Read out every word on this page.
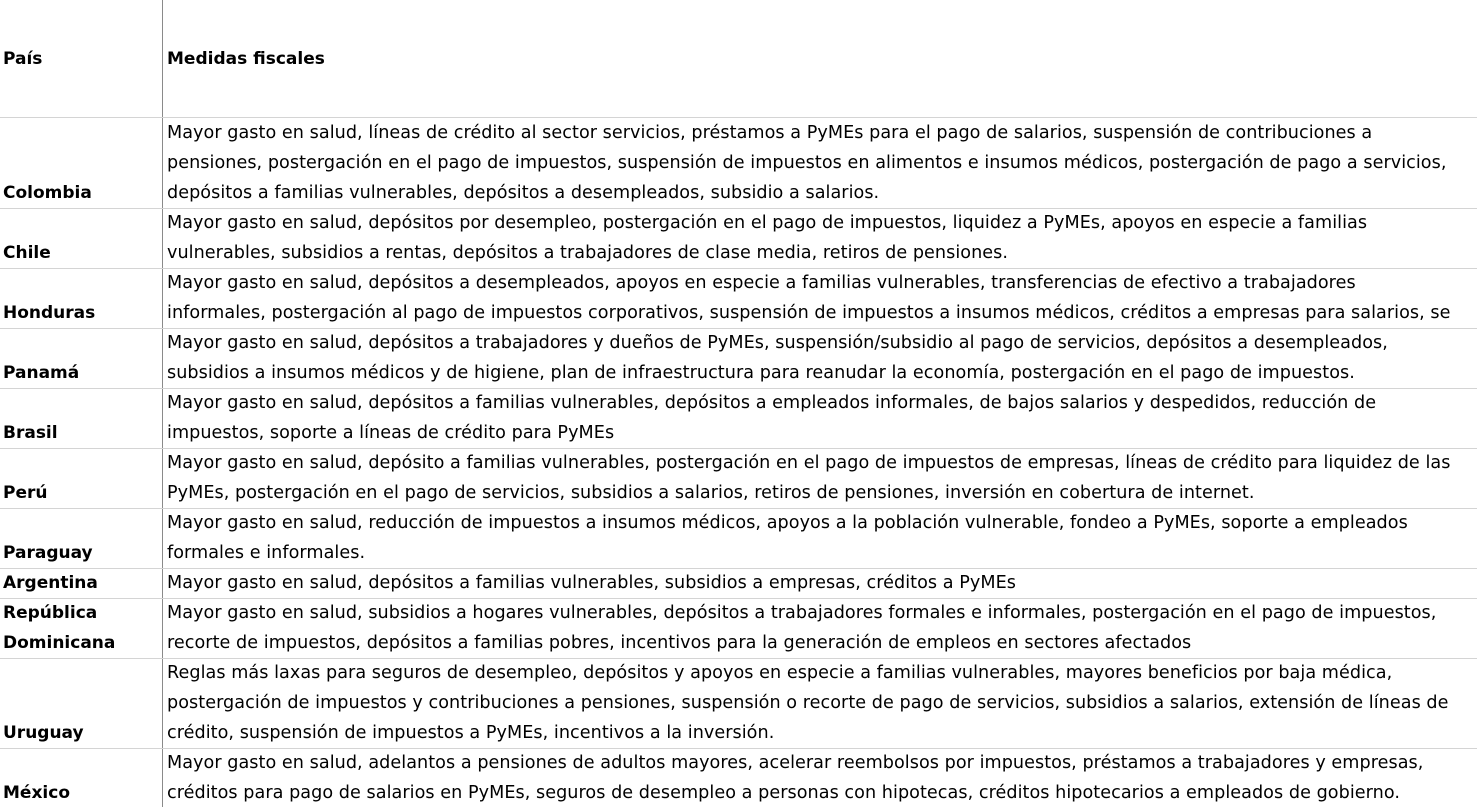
País	Medidas fiscales
Colombia
Mayor gasto en salud, líneas de crédito al sector servicios, préstamos a PyMEs para el pago de salarios, suspensión de contribuciones a
pensiones, postergación en el pago de impuestos, suspensión de impuestos en alimentos e insumos médicos, postergación de pago a servicios,
depósitos a familias vulnerables, depósitos a desempleados, subsidio a salarios.
Chile
Mayor gasto en salud, depósitos por desempleo, postergación en el pago de impuestos, liquidez a PyMEs, apoyos en especie a familias
vulnerables, subsidios a rentas, depósitos a trabajadores de clase media, retiros de pensiones.
Honduras
Mayor gasto en salud, depósitos a desempleados, apoyos en especie a familias vulnerables, transferencias de efectivo a trabajadores
informales, postergación al pago de impuestos corporativos, suspensión de impuestos a insumos médicos, créditos a empresas para salarios, se
Panamá
Mayor gasto en salud, depósitos a trabajadores y dueños de PyMEs, suspensión/subsidio al pago de servicios, depósitos a desempleados,
subsidios a insumos médicos y de higiene, plan de infraestructura para reanudar la economía, postergación en el pago de impuestos.
Brasil
Mayor gasto en salud, depósitos a familias vulnerables, depósitos a empleados informales, de bajos salarios y despedidos, reducción de
impuestos, soporte a líneas de crédito para PyMEs
Perú
Mayor gasto en salud, depósito a familias vulnerables, postergación en el pago de impuestos de empresas, líneas de crédito para liquidez de las
PyMEs, postergación en el pago de servicios, subsidios a salarios, retiros de pensiones, inversión en cobertura de internet.
Paraguay
Mayor gasto en salud, reducción de impuestos a insumos médicos, apoyos a la población vulnerable, fondeo a PyMEs, soporte a empleados
formales e informales.
Argentina	Mayor gasto en salud, depósitos a familias vulnerables, subsidios a empresas, créditos a PyMEs
República
Dominicana
Mayor gasto en salud, subsidios a hogares vulnerables, depósitos a trabajadores formales e informales, postergación en el pago de impuestos,
recorte de impuestos, depósitos a familias pobres, incentivos para la generación de empleos en sectores afectados
Uruguay
Reglas más laxas para seguros de desempleo, depósitos y apoyos en especie a familias vulnerables, mayores beneficios por baja médica,
postergación de impuestos y contribuciones a pensiones, suspensión o recorte de pago de servicios, subsidios a salarios, extensión de líneas de
crédito, suspensión de impuestos a PyMEs, incentivos a la inversión.
México
Mayor gasto en salud, adelantos a pensiones de adultos mayores, acelerar reembolsos por impuestos, préstamos a trabajadores y empresas,
créditos para pago de salarios en PyMEs, seguros de desempleo a personas con hipotecas, créditos hipotecarios a empleados de gobierno.
